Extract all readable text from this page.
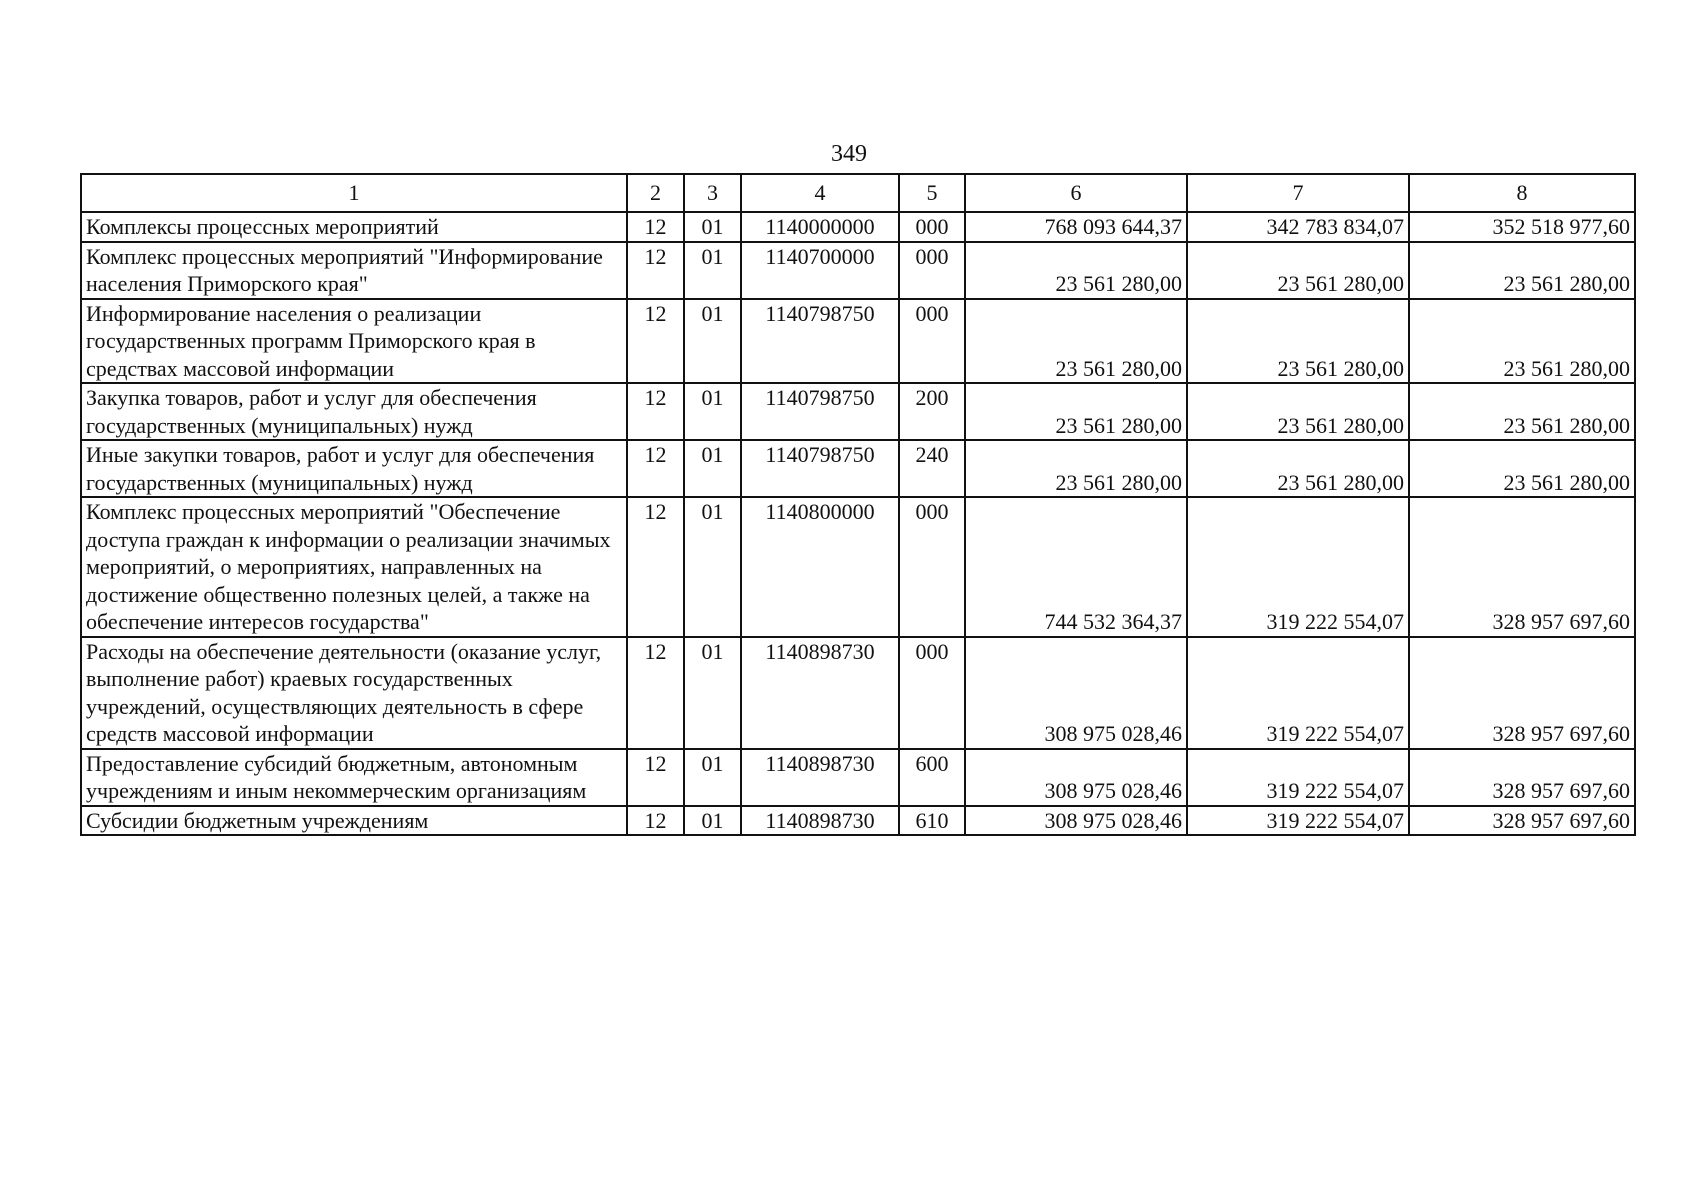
349
1	2	3	4	5	6	7	8
Комплексы процессных мероприятий	12	01	1140000000	000	768 093 644,37	342 783 834,07	352 518 977,60
Комплекс процессных мероприятий "Информирование населения Приморского края"	12	01	1140700000	000	23 561 280,00	23 561 280,00	23 561 280,00
Информирование населения о реализации государственных программ Приморского края в средствах массовой информации	12	01	1140798750	000	23 561 280,00	23 561 280,00	23 561 280,00
Закупка товаров, работ и услуг для обеспечения государственных (муниципальных) нужд	12	01	1140798750	200	23 561 280,00	23 561 280,00	23 561 280,00
Иные закупки товаров, работ и услуг для обеспечения государственных (муниципальных) нужд	12	01	1140798750	240	23 561 280,00	23 561 280,00	23 561 280,00
Комплекс процессных мероприятий "Обеспечение доступа граждан к информации о реализации значимых мероприятий, о мероприятиях, направленных на достижение общественно полезных целей, а также на обеспечение интересов государства"	12	01	1140800000	000	744 532 364,37	319 222 554,07	328 957 697,60
Расходы на обеспечение деятельности (оказание услуг, выполнение работ) краевых государственных учреждений, осуществляющих деятельность в сфере средств массовой информации	12	01	1140898730	000	308 975 028,46	319 222 554,07	328 957 697,60
Предоставление субсидий бюджетным, автономным учреждениям и иным некоммерческим организациям	12	01	1140898730	600	308 975 028,46	319 222 554,07	328 957 697,60
Субсидии бюджетным учреждениям	12	01	1140898730	610	308 975 028,46	319 222 554,07	328 957 697,60
